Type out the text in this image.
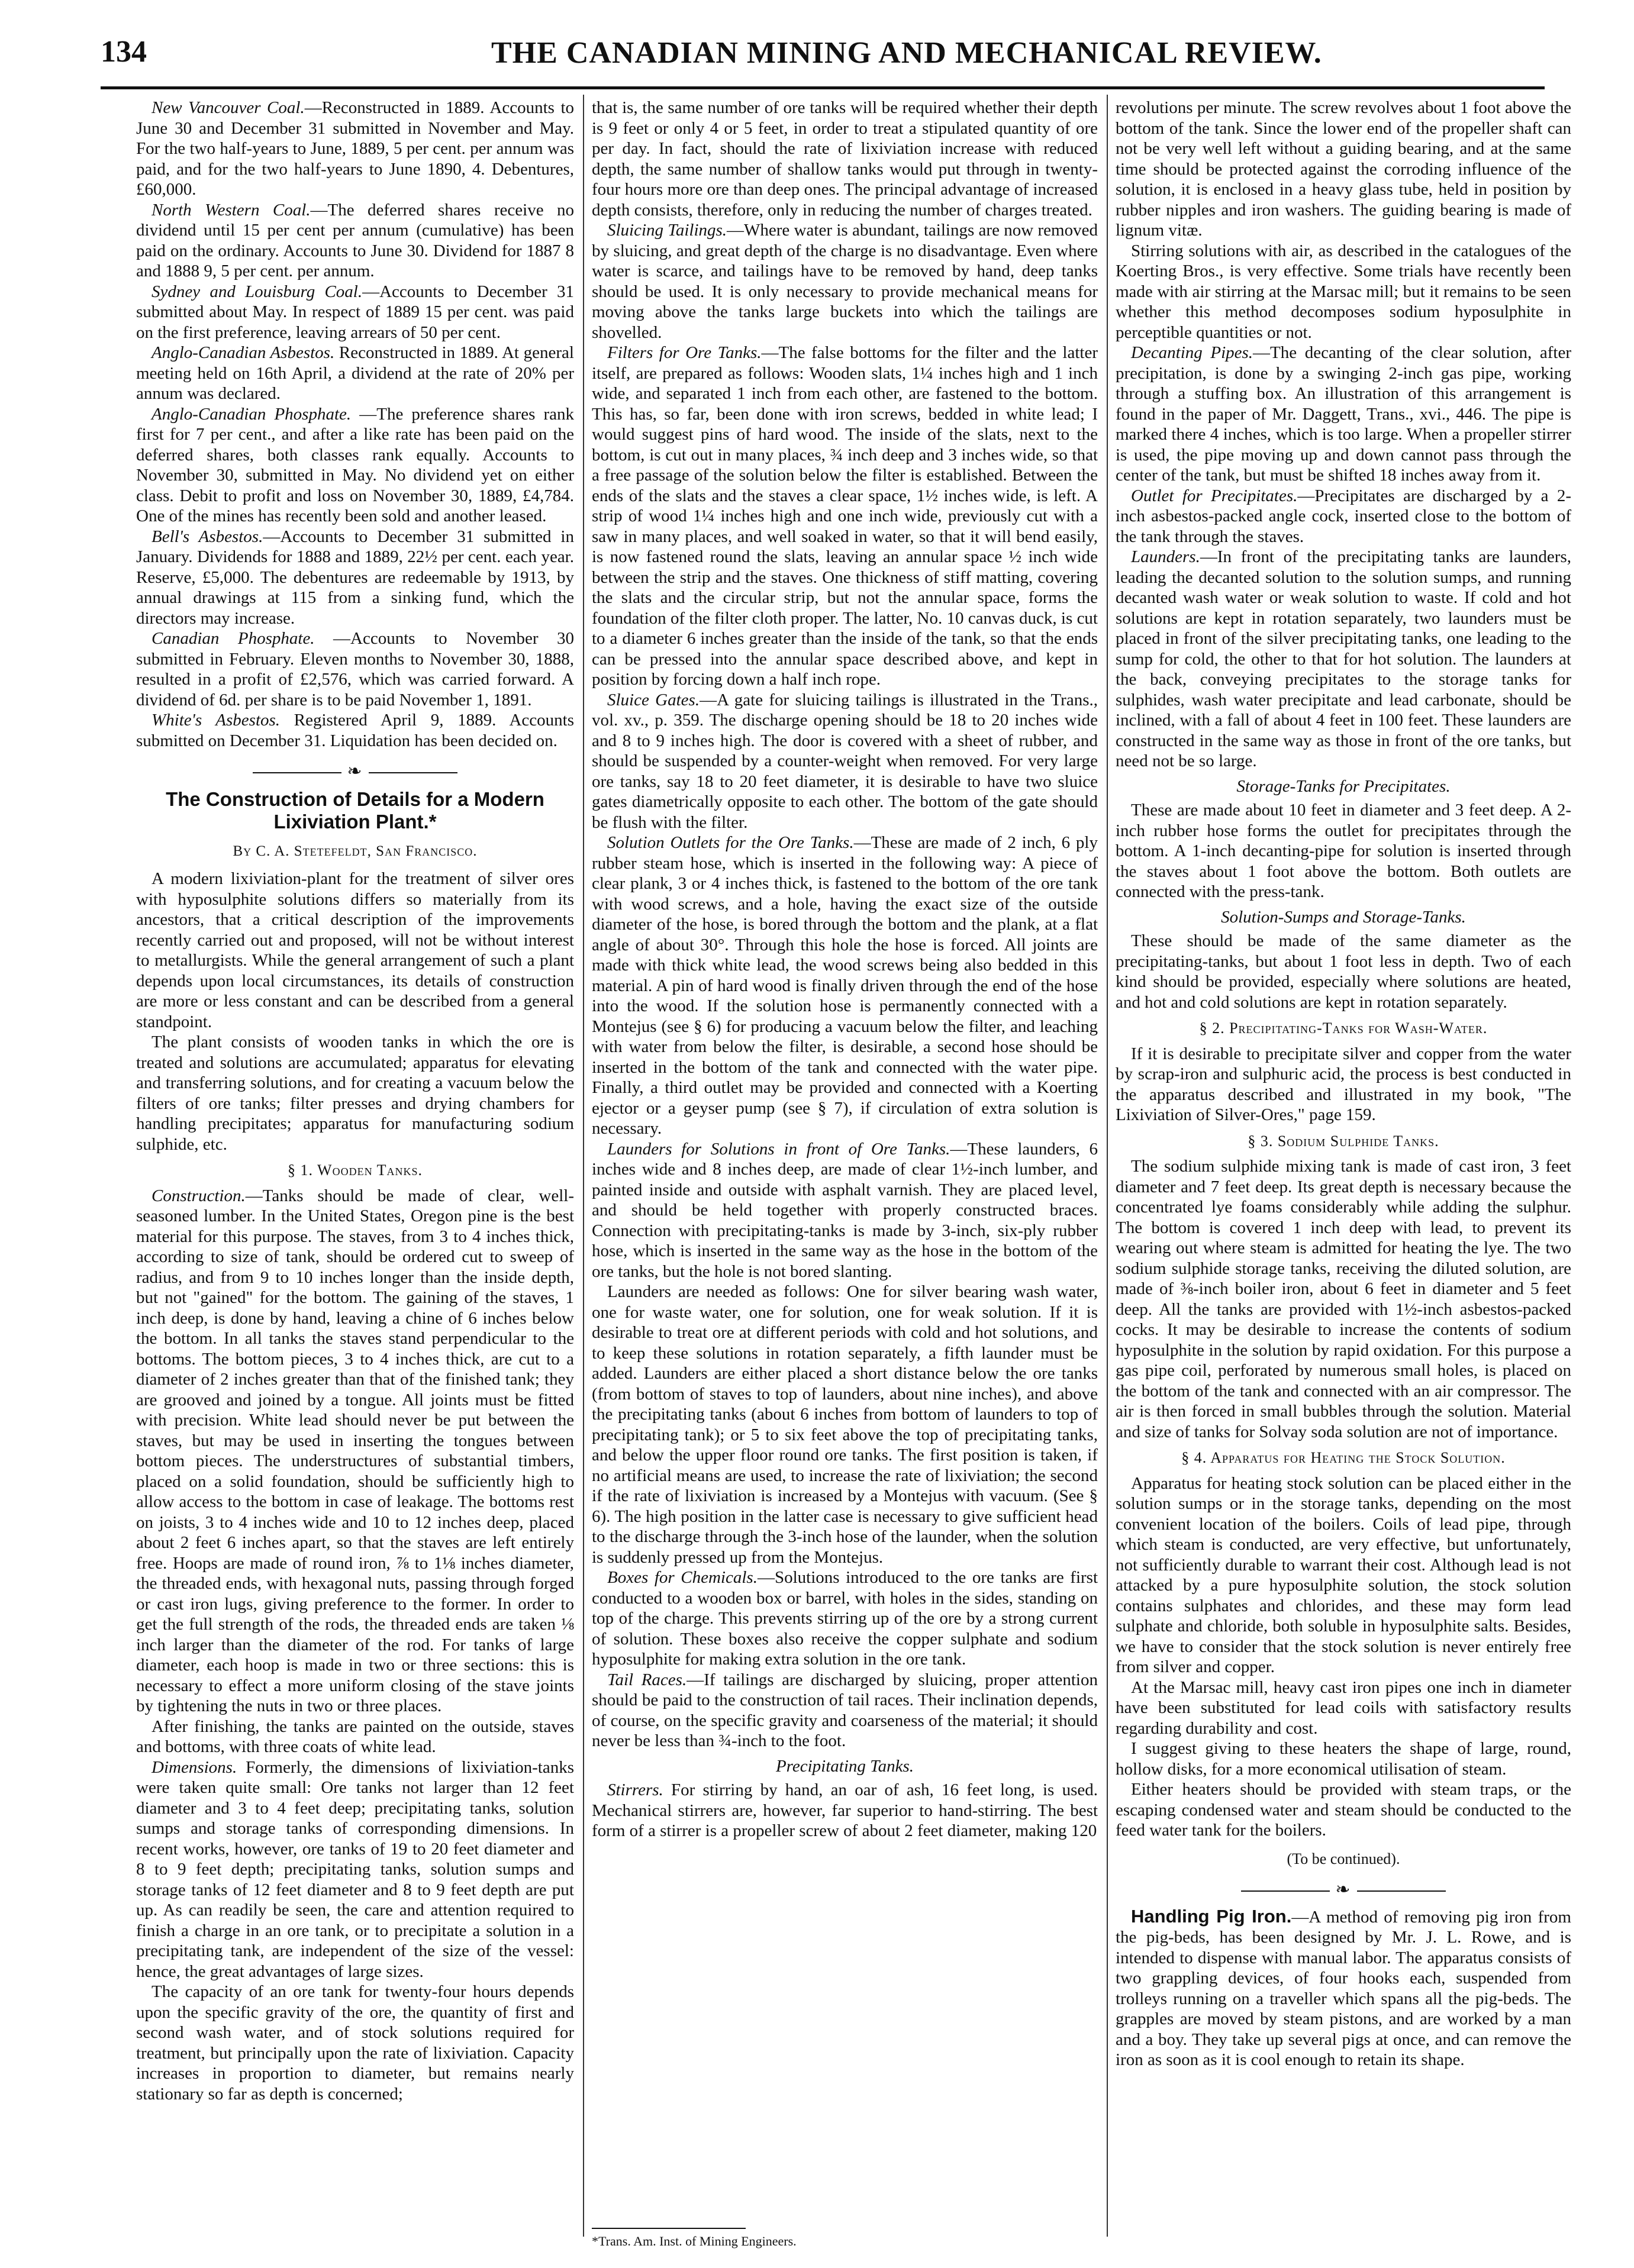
134	THE CANADIAN MINING AND MECHANICAL REVIEW.

New Vancouver Coal.—Reconstructed in 1889. Accounts to June 30 and December 31 submitted in November and May. For the two half-years to June, 1889, 5 per cent. per annum was paid, and for the two half-years to June 1890, 4. Debentures, £60,000.

North Western Coal.—The deferred shares receive no dividend until 15 per cent per annum (cumulative) has been paid on the ordinary. Accounts to June 30. Dividend for 1887 8 and 1888 9, 5 per cent. per annum.

Sydney and Louisburg Coal.—Accounts to December 31 submitted about May. In respect of 1889 15 per cent. was paid on the first preference, leaving arrears of 50 per cent.

Anglo-Canadian Asbestos. Reconstructed in 1889. At general meeting held on 16th April, a dividend at the rate of 20% per annum was declared.

Anglo-Canadian Phosphate. —The preference shares rank first for 7 per cent., and after a like rate has been paid on the deferred shares, both classes rank equally. Accounts to November 30, submitted in May. No dividend yet on either class. Debit to profit and loss on November 30, 1889, £4,784. One of the mines has recently been sold and another leased.

Bell's Asbestos.—Accounts to December 31 submitted in January. Dividends for 1888 and 1889, 22½ per cent. each year. Reserve, £5,000. The debentures are redeemable by 1913, by annual drawings at 115 from a sinking fund, which the directors may increase.

Canadian Phosphate. —Accounts to November 30 submitted in February. Eleven months to November 30, 1888, resulted in a profit of £2,576, which was carried forward. A dividend of 6d. per share is to be paid November 1, 1891.

White's Asbestos. Registered April 9, 1889. Accounts submitted on December 31. Liquidation has been decided on.

❧
The Construction of Details for a Modern Lixiviation Plant.*
By C. A. Stetefeldt, San Francisco.

A modern lixiviation-plant for the treatment of silver ores with hyposulphite solutions differs so materially from its ancestors, that a critical description of the improvements recently carried out and proposed, will not be without interest to metallurgists. While the general arrangement of such a plant depends upon local circumstances, its details of construction are more or less constant and can be described from a general standpoint.

The plant consists of wooden tanks in which the ore is treated and solutions are accumulated; apparatus for elevating and transferring solutions, and for creating a vacuum below the filters of ore tanks; filter presses and drying chambers for handling precipitates; apparatus for manufacturing sodium sulphide, etc.

§ 1. Wooden Tanks.

Construction.—Tanks should be made of clear, well-seasoned lumber. In the United States, Oregon pine is the best material for this purpose. The staves, from 3 to 4 inches thick, according to size of tank, should be ordered cut to sweep of radius, and from 9 to 10 inches longer than the inside depth, but not "gained" for the bottom. The gaining of the staves, 1 inch deep, is done by hand, leaving a chine of 6 inches below the bottom. In all tanks the staves stand perpendicular to the bottoms. The bottom pieces, 3 to 4 inches thick, are cut to a diameter of 2 inches greater than that of the finished tank; they are grooved and joined by a tongue. All joints must be fitted with precision. White lead should never be put between the staves, but may be used in inserting the tongues between bottom pieces. The understructures of substantial timbers, placed on a solid foundation, should be sufficiently high to allow access to the bottom in case of leakage. The bottoms rest on joists, 3 to 4 inches wide and 10 to 12 inches deep, placed about 2 feet 6 inches apart, so that the staves are left entirely free. Hoops are made of round iron, ⅞ to 1⅛ inches diameter, the threaded ends, with hexagonal nuts, passing through forged or cast iron lugs, giving preference to the former. In order to get the full strength of the rods, the threaded ends are taken ⅛ inch larger than the diameter of the rod. For tanks of large diameter, each hoop is made in two or three sections: this is necessary to effect a more uniform closing of the stave joints by tightening the nuts in two or three places.

After finishing, the tanks are painted on the outside, staves and bottoms, with three coats of white lead.

Dimensions. Formerly, the dimensions of lixiviation-tanks were taken quite small: Ore tanks not larger than 12 feet diameter and 3 to 4 feet deep; precipitating tanks, solution sumps and storage tanks of corresponding dimensions. In recent works, however, ore tanks of 19 to 20 feet diameter and 8 to 9 feet depth; precipitating tanks, solution sumps and storage tanks of 12 feet diameter and 8 to 9 feet depth are put up. As can readily be seen, the care and attention required to finish a charge in an ore tank, or to precipitate a solution in a precipitating tank, are independent of the size of the vessel: hence, the great advantages of large sizes.

The capacity of an ore tank for twenty-four hours depends upon the specific gravity of the ore, the quantity of first and second wash water, and of stock solutions required for treatment, but principally upon the rate of lixiviation. Capacity increases in proportion to diameter, but remains nearly stationary so far as depth is concerned;

that is, the same number of ore tanks will be required whether their depth is 9 feet or only 4 or 5 feet, in order to treat a stipulated quantity of ore per day. In fact, should the rate of lixiviation increase with reduced depth, the same number of shallow tanks would put through in twenty-four hours more ore than deep ones. The principal advantage of increased depth consists, therefore, only in reducing the number of charges treated.

Sluicing Tailings.—Where water is abundant, tailings are now removed by sluicing, and great depth of the charge is no disadvantage. Even where water is scarce, and tailings have to be removed by hand, deep tanks should be used. It is only necessary to provide mechanical means for moving above the tanks large buckets into which the tailings are shovelled.

Filters for Ore Tanks.—The false bottoms for the filter and the latter itself, are prepared as follows: Wooden slats, 1¼ inches high and 1 inch wide, and separated 1 inch from each other, are fastened to the bottom. This has, so far, been done with iron screws, bedded in white lead; I would suggest pins of hard wood. The inside of the slats, next to the bottom, is cut out in many places, ¾ inch deep and 3 inches wide, so that a free passage of the solution below the filter is established. Between the ends of the slats and the staves a clear space, 1½ inches wide, is left. A strip of wood 1¼ inches high and one inch wide, previously cut with a saw in many places, and well soaked in water, so that it will bend easily, is now fastened round the slats, leaving an annular space ½ inch wide between the strip and the staves. One thickness of stiff matting, covering the slats and the circular strip, but not the annular space, forms the foundation of the filter cloth proper. The latter, No. 10 canvas duck, is cut to a diameter 6 inches greater than the inside of the tank, so that the ends can be pressed into the annular space described above, and kept in position by forcing down a half inch rope.

Sluice Gates.—A gate for sluicing tailings is illustrated in the Trans., vol. xv., p. 359. The discharge opening should be 18 to 20 inches wide and 8 to 9 inches high. The door is covered with a sheet of rubber, and should be suspended by a counter-weight when removed. For very large ore tanks, say 18 to 20 feet diameter, it is desirable to have two sluice gates diametrically opposite to each other. The bottom of the gate should be flush with the filter.

Solution Outlets for the Ore Tanks.—These are made of 2 inch, 6 ply rubber steam hose, which is inserted in the following way: A piece of clear plank, 3 or 4 inches thick, is fastened to the bottom of the ore tank with wood screws, and a hole, having the exact size of the outside diameter of the hose, is bored through the bottom and the plank, at a flat angle of about 30°. Through this hole the hose is forced. All joints are made with thick white lead, the wood screws being also bedded in this material. A pin of hard wood is finally driven through the end of the hose into the wood. If the solution hose is permanently connected with a Montejus (see § 6) for producing a vacuum below the filter, and leaching with water from below the filter, is desirable, a second hose should be inserted in the bottom of the tank and connected with the water pipe. Finally, a third outlet may be provided and connected with a Koerting ejector or a geyser pump (see § 7), if circulation of extra solution is necessary.

Launders for Solutions in front of Ore Tanks.—These launders, 6 inches wide and 8 inches deep, are made of clear 1½-inch lumber, and painted inside and outside with asphalt varnish. They are placed level, and should be held together with properly constructed braces. Connection with precipitating-tanks is made by 3-inch, six-ply rubber hose, which is inserted in the same way as the hose in the bottom of the ore tanks, but the hole is not bored slanting.

Launders are needed as follows: One for silver bearing wash water, one for waste water, one for solution, one for weak solution. If it is desirable to treat ore at different periods with cold and hot solutions, and to keep these solutions in rotation separately, a fifth launder must be added. Launders are either placed a short distance below the ore tanks (from bottom of staves to top of launders, about nine inches), and above the precipitating tanks (about 6 inches from bottom of launders to top of precipitating tank); or 5 to six feet above the top of precipitating tanks, and below the upper floor round ore tanks. The first position is taken, if no artificial means are used, to increase the rate of lixiviation; the second if the rate of lixiviation is increased by a Montejus with vacuum. (See § 6). The high position in the latter case is necessary to give sufficient head to the discharge through the 3-inch hose of the launder, when the solution is suddenly pressed up from the Montejus.

Boxes for Chemicals.—Solutions introduced to the ore tanks are first conducted to a wooden box or barrel, with holes in the sides, standing on top of the charge. This prevents stirring up of the ore by a strong current of solution. These boxes also receive the copper sulphate and sodium hyposulphite for making extra solution in the ore tank.

Tail Races.—If tailings are discharged by sluicing, proper attention should be paid to the construction of tail races. Their inclination depends, of course, on the specific gravity and coarseness of the material; it should never be less than ¾-inch to the foot.

Precipitating Tanks.

Stirrers. For stirring by hand, an oar of ash, 16 feet long, is used. Mechanical stirrers are, however, far superior to hand-stirring. The best form of a stirrer is a propeller screw of about 2 feet diameter, making 120

*Trans. Am. Inst. of Mining Engineers.

revolutions per minute. The screw revolves about 1 foot above the bottom of the tank. Since the lower end of the propeller shaft can not be very well left without a guiding bearing, and at the same time should be protected against the corroding influence of the solution, it is enclosed in a heavy glass tube, held in position by rubber nipples and iron washers. The guiding bearing is made of lignum vitæ.

Stirring solutions with air, as described in the catalogues of the Koerting Bros., is very effective. Some trials have recently been made with air stirring at the Marsac mill; but it remains to be seen whether this method decomposes sodium hyposulphite in perceptible quantities or not.

Decanting Pipes.—The decanting of the clear solution, after precipitation, is done by a swinging 2-inch gas pipe, working through a stuffing box. An illustration of this arrangement is found in the paper of Mr. Daggett, Trans., xvi., 446. The pipe is marked there 4 inches, which is too large. When a propeller stirrer is used, the pipe moving up and down cannot pass through the center of the tank, but must be shifted 18 inches away from it.

Outlet for Precipitates.—Precipitates are discharged by a 2-inch asbestos-packed angle cock, inserted close to the bottom of the tank through the staves.

Launders.—In front of the precipitating tanks are launders, leading the decanted solution to the solution sumps, and running decanted wash water or weak solution to waste. If cold and hot solutions are kept in rotation separately, two launders must be placed in front of the silver precipitating tanks, one leading to the sump for cold, the other to that for hot solution. The launders at the back, conveying precipitates to the storage tanks for sulphides, wash water precipitate and lead carbonate, should be inclined, with a fall of about 4 feet in 100 feet. These launders are constructed in the same way as those in front of the ore tanks, but need not be so large.

Storage-Tanks for Precipitates.

These are made about 10 feet in diameter and 3 feet deep. A 2-inch rubber hose forms the outlet for precipitates through the bottom. A 1-inch decanting-pipe for solution is inserted through the staves about 1 foot above the bottom. Both outlets are connected with the press-tank.

Solution-Sumps and Storage-Tanks.

These should be made of the same diameter as the precipitating-tanks, but about 1 foot less in depth. Two of each kind should be provided, especially where solutions are heated, and hot and cold solutions are kept in rotation separately.

§ 2. Precipitating-Tanks for Wash-Water.

If it is desirable to precipitate silver and copper from the water by scrap-iron and sulphuric acid, the process is best conducted in the apparatus described and illustrated in my book, "The Lixiviation of Silver-Ores," page 159.

§ 3. Sodium Sulphide Tanks.

The sodium sulphide mixing tank is made of cast iron, 3 feet diameter and 7 feet deep. Its great depth is necessary because the concentrated lye foams considerably while adding the sulphur. The bottom is covered 1 inch deep with lead, to prevent its wearing out where steam is admitted for heating the lye. The two sodium sulphide storage tanks, receiving the diluted solution, are made of ⅜-inch boiler iron, about 6 feet in diameter and 5 feet deep. All the tanks are provided with 1½-inch asbestos-packed cocks. It may be desirable to increase the contents of sodium hyposulphite in the solution by rapid oxidation. For this purpose a gas pipe coil, perforated by numerous small holes, is placed on the bottom of the tank and connected with an air compressor. The air is then forced in small bubbles through the solution. Material and size of tanks for Solvay soda solution are not of importance.

§ 4. Apparatus for Heating the Stock Solution.

Apparatus for heating stock solution can be placed either in the solution sumps or in the storage tanks, depending on the most convenient location of the boilers. Coils of lead pipe, through which steam is conducted, are very effective, but unfortunately, not sufficiently durable to warrant their cost. Although lead is not attacked by a pure hyposulphite solution, the stock solution contains sulphates and chlorides, and these may form lead sulphate and chloride, both soluble in hyposulphite salts. Besides, we have to consider that the stock solution is never entirely free from silver and copper.

At the Marsac mill, heavy cast iron pipes one inch in diameter have been substituted for lead coils with satisfactory results regarding durability and cost.

I suggest giving to these heaters the shape of large, round, hollow disks, for a more economical utilisation of steam.

Either heaters should be provided with steam traps, or the escaping condensed water and steam should be conducted to the feed water tank for the boilers.

(To be continued).
❧

Handling Pig Iron.—A method of removing pig iron from the pig-beds, has been designed by Mr. J. L. Rowe, and is intended to dispense with manual labor. The apparatus consists of two grappling devices, of four hooks each, suspended from trolleys running on a traveller which spans all the pig-beds. The grapples are moved by steam pistons, and are worked by a man and a boy. They take up several pigs at once, and can remove the iron as soon as it is cool enough to retain its shape.
